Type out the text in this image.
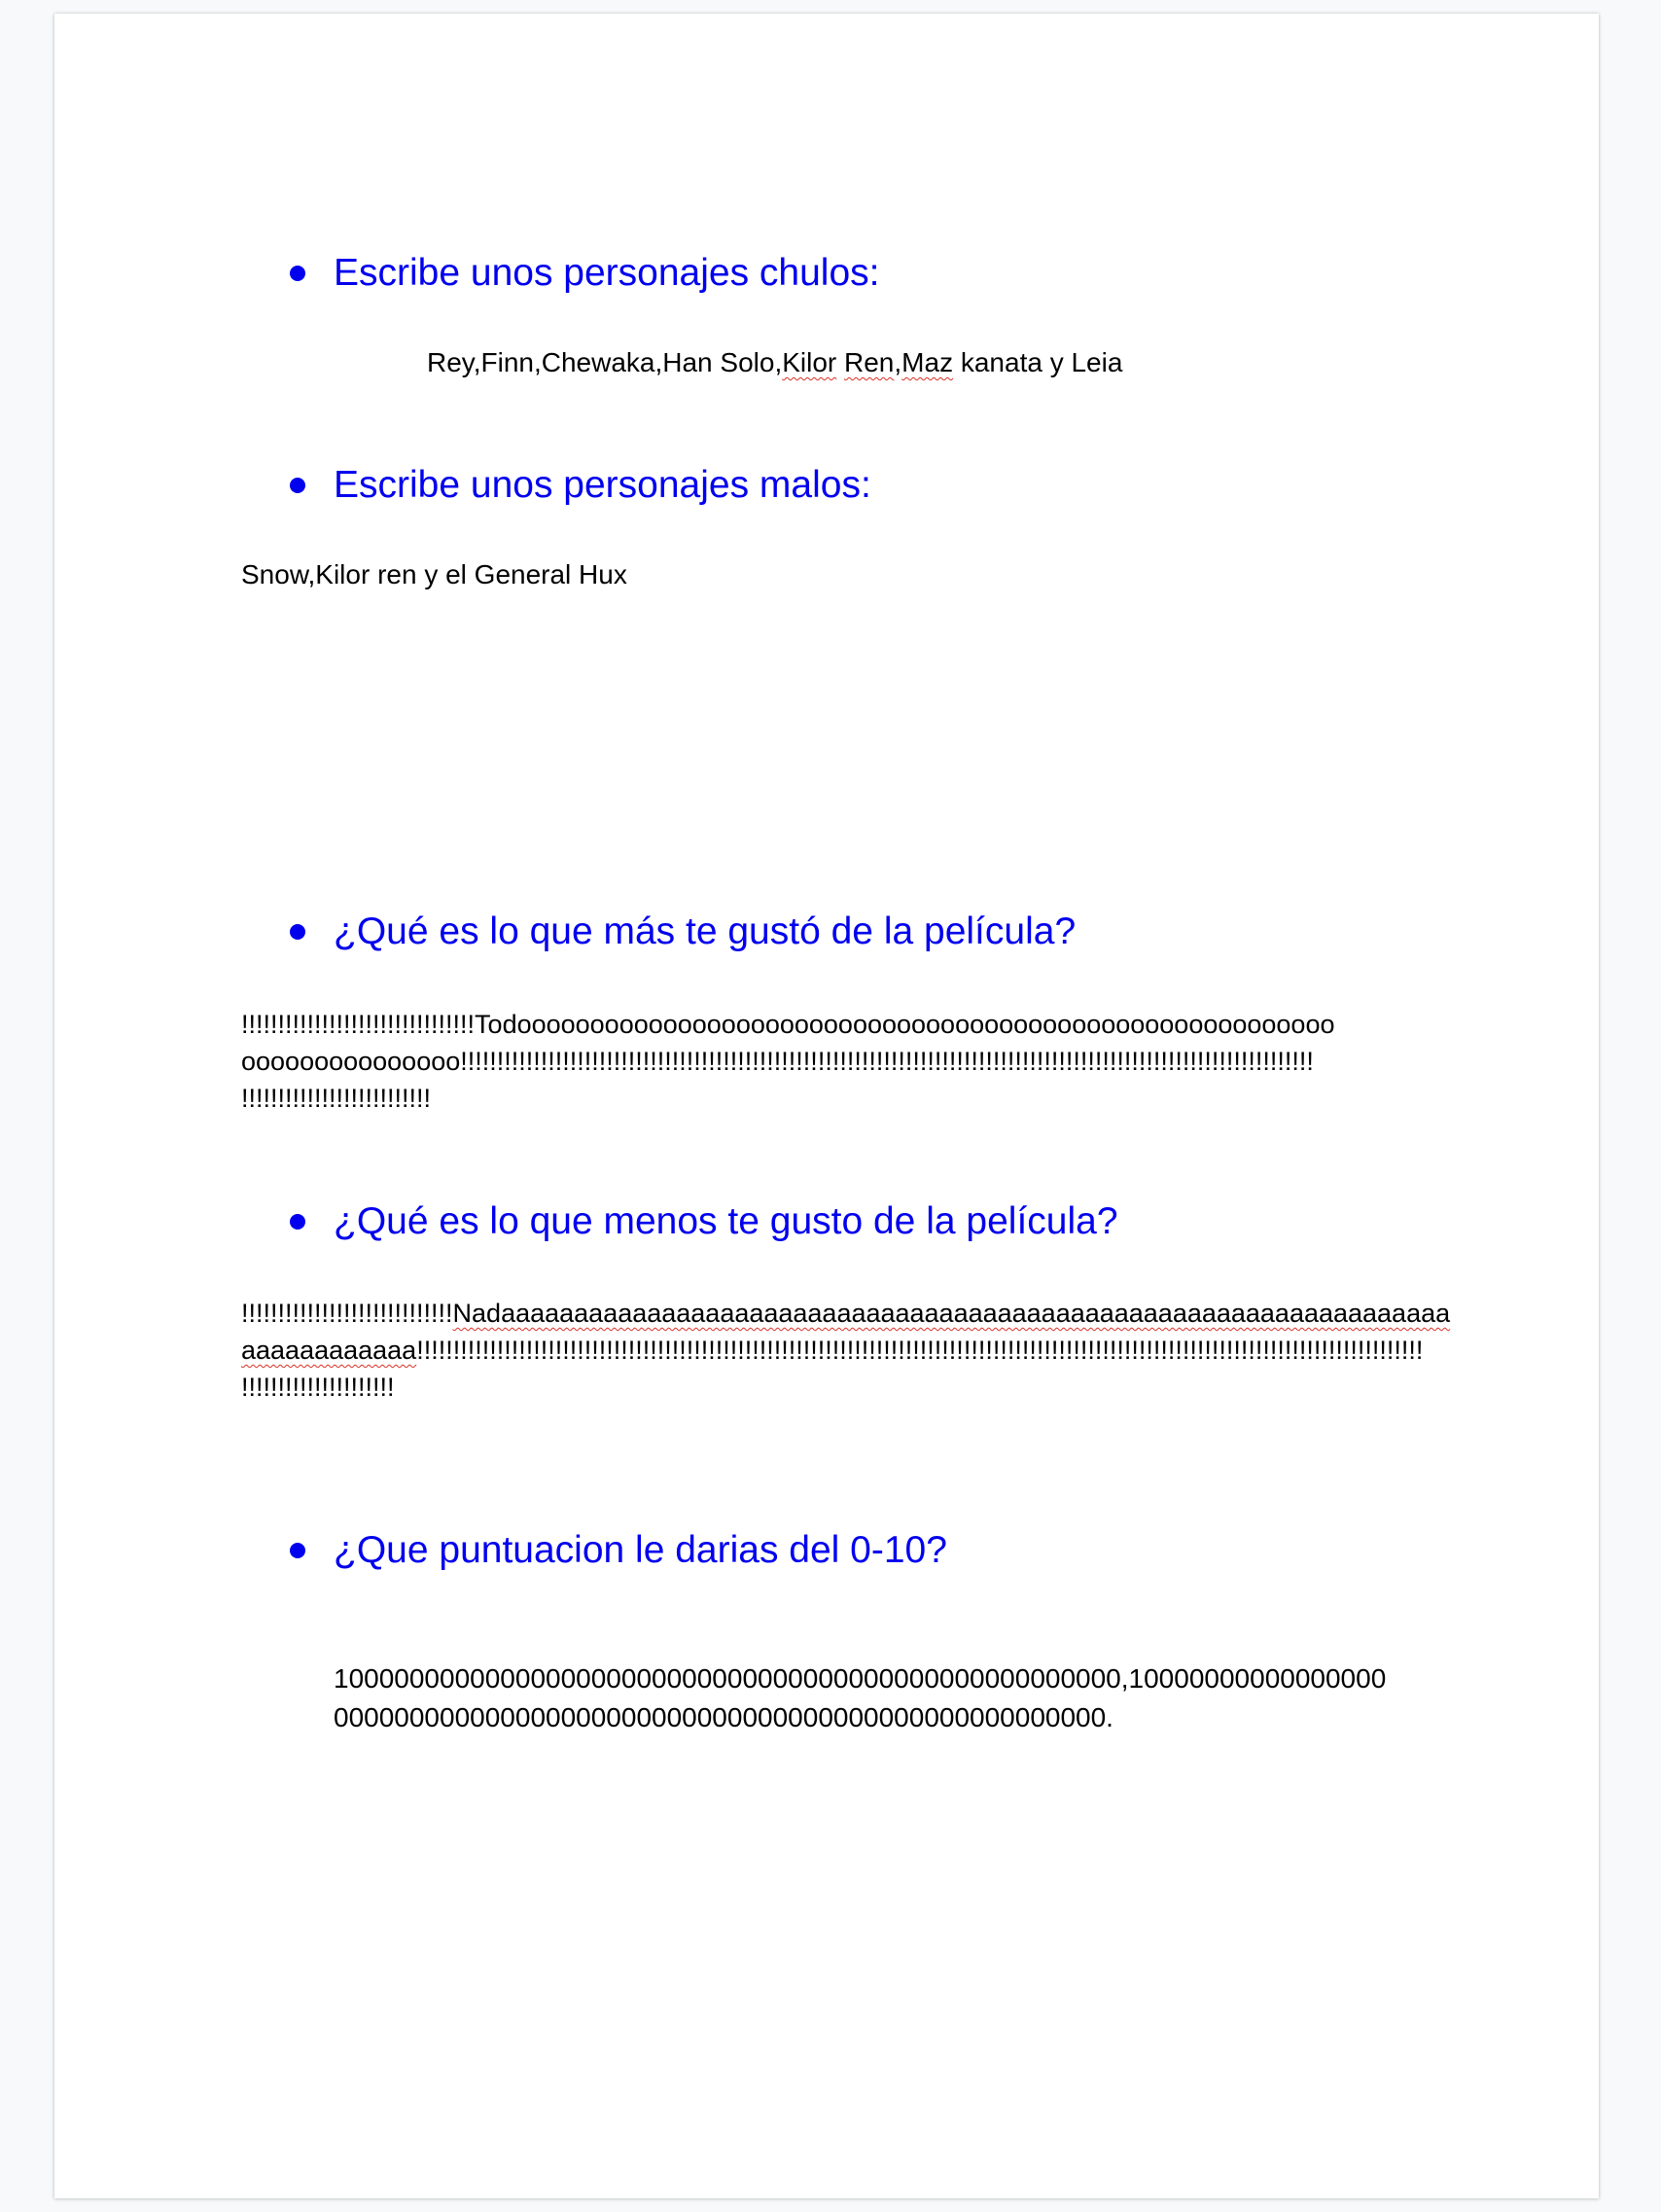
Escribe unos personajes chulos:
Rey,Finn,Chewaka,Han Solo,Kilor Ren,Maz kanata y Leia
Escribe unos personajes malos:
Snow,Kilor ren y el General Hux
¿Qué es lo que más te gustó de la película?
!!!!!!!!!!!!!!!!!!!!!!!!!!!!!!!!Todoooooooooooooooooooooooooooooooooooooooooooooooooooooooo
ooooooooooooooo!!!!!!!!!!!!!!!!!!!!!!!!!!!!!!!!!!!!!!!!!!!!!!!!!!!!!!!!!!!!!!!!!!!!!!!!!!!!!!!!!!!!!!!!!!!!!!!!!!!!!!!!!!!!!!!!!!!!!
!!!!!!!!!!!!!!!!!!!!!!!!!!
¿Qué es lo que menos te gusto de la película?
!!!!!!!!!!!!!!!!!!!!!!!!!!!!!Nadaaaaaaaaaaaaaaaaaaaaaaaaaaaaaaaaaaaaaaaaaaaaaaaaaaaaaaaaaaaaaaaaa
aaaaaaaaaaaa!!!!!!!!!!!!!!!!!!!!!!!!!!!!!!!!!!!!!!!!!!!!!!!!!!!!!!!!!!!!!!!!!!!!!!!!!!!!!!!!!!!!!!!!!!!!!!!!!!!!!!!!!!!!!!!!!!!!!!!!!!!!!!!!!!!!!!!!!!
!!!!!!!!!!!!!!!!!!!!!
¿Que puntuacion le darias del 0-10?
1000000000000000000000000000000000000000000000000000,10000000000000000
000000000000000000000000000000000000000000000000000.
